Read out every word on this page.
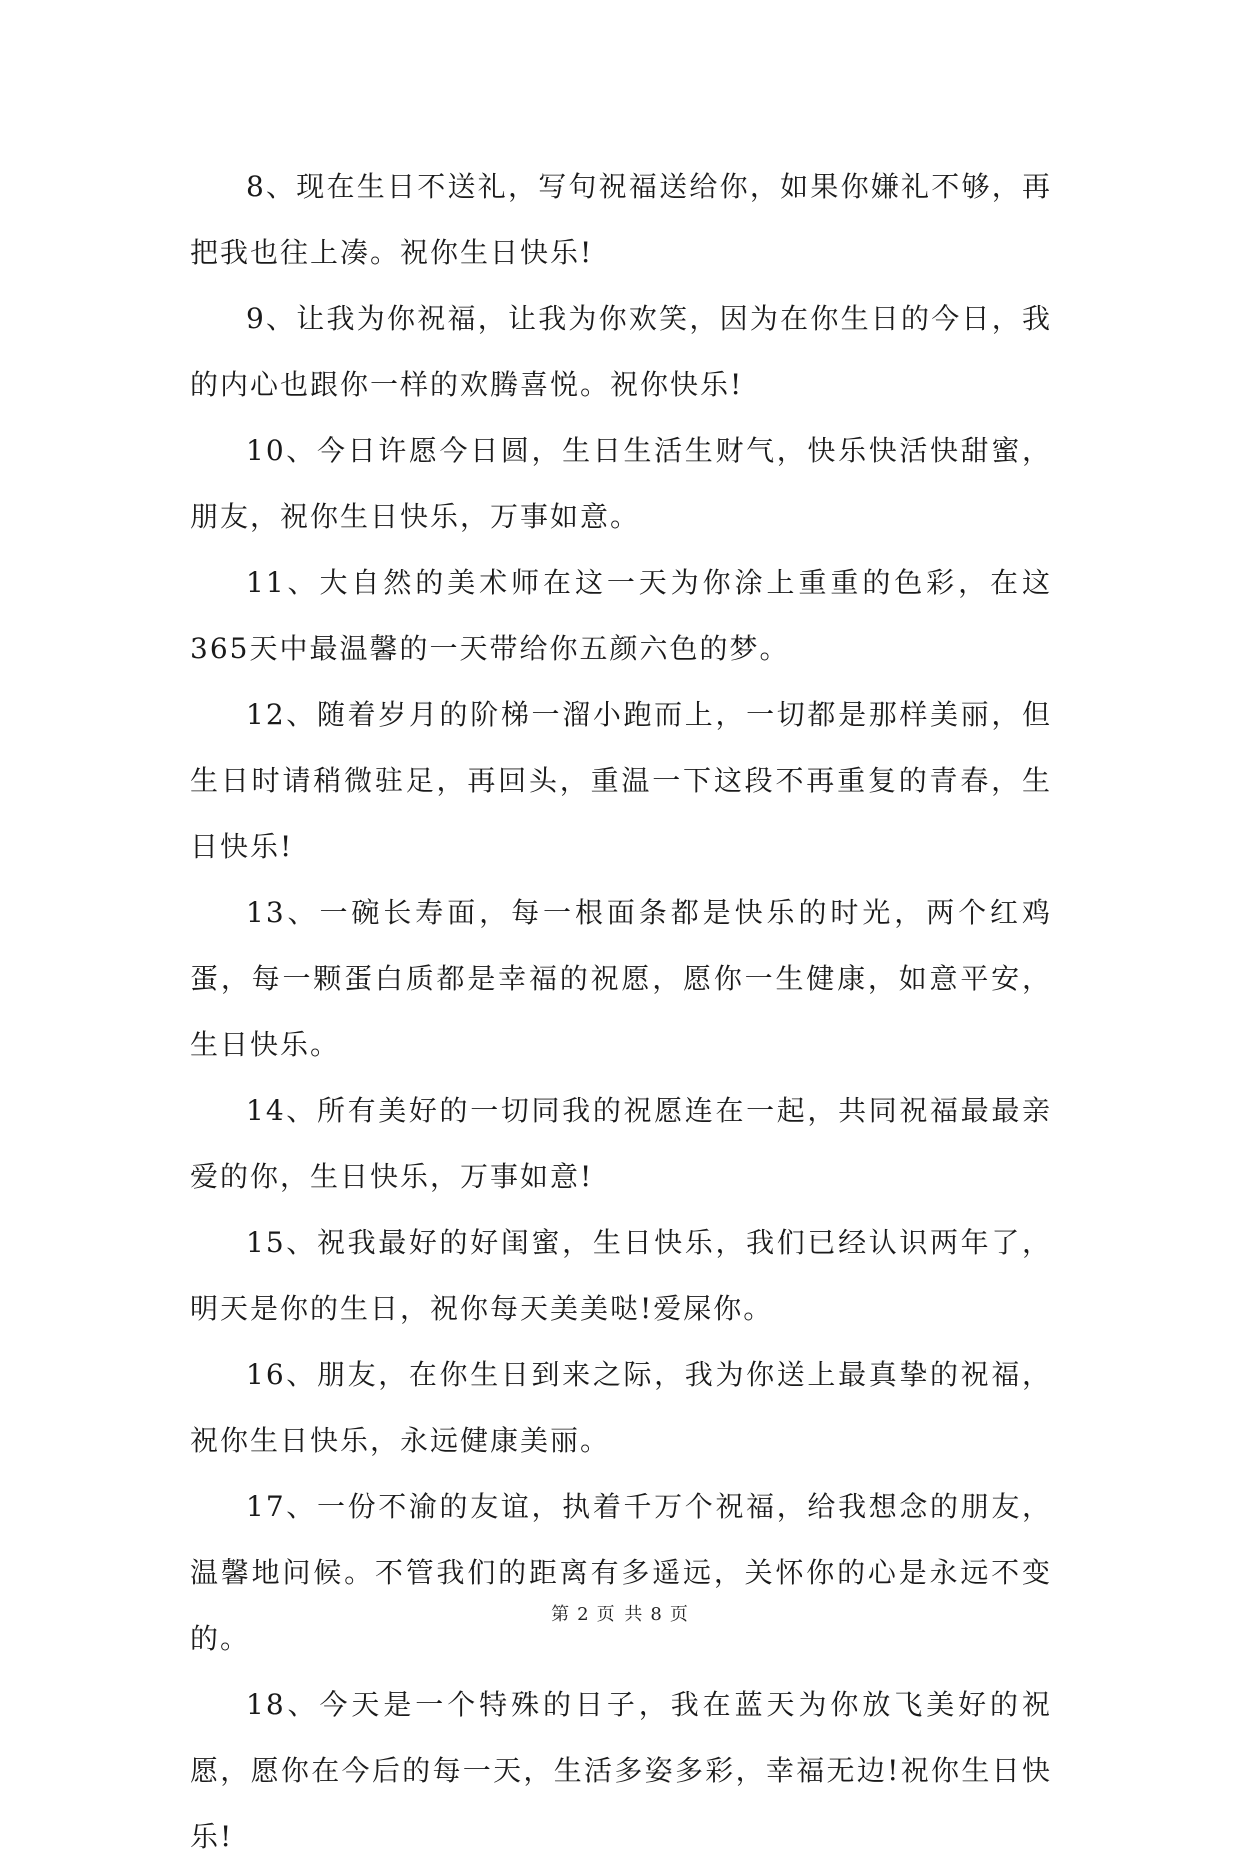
8、现在生日不送礼，写句祝福送给你，如果你嫌礼不够，再把我也往上凑。祝你生日快乐!

9、让我为你祝福，让我为你欢笑，因为在你生日的今日，我的内心也跟你一样的欢腾喜悦。祝你快乐!

10、今日许愿今日圆，生日生活生财气，快乐快活快甜蜜，朋友，祝你生日快乐，万事如意。

11、大自然的美术师在这一天为你涂上重重的色彩，在这365天中最温馨的一天带给你五颜六色的梦。

12、随着岁月的阶梯一溜小跑而上，一切都是那样美丽，但生日时请稍微驻足，再回头，重温一下这段不再重复的青春，生日快乐!

13、一碗长寿面，每一根面条都是快乐的时光，两个红鸡蛋，每一颗蛋白质都是幸福的祝愿，愿你一生健康，如意平安，生日快乐。

14、所有美好的一切同我的祝愿连在一起，共同祝福最最亲爱的你，生日快乐，万事如意!

15、祝我最好的好闺蜜，生日快乐，我们已经认识两年了，明天是你的生日，祝你每天美美哒!爱屎你。

16、朋友，在你生日到来之际，我为你送上最真挚的祝福，祝你生日快乐，永远健康美丽。

17、一份不渝的友谊，执着千万个祝福，给我想念的朋友，温馨地问候。不管我们的距离有多遥远，关怀你的心是永远不变的。

18、今天是一个特殊的日子，我在蓝天为你放飞美好的祝愿，愿你在今后的每一天，生活多姿多彩，幸福无边!祝你生日快乐!

第 2 页 共 8 页
